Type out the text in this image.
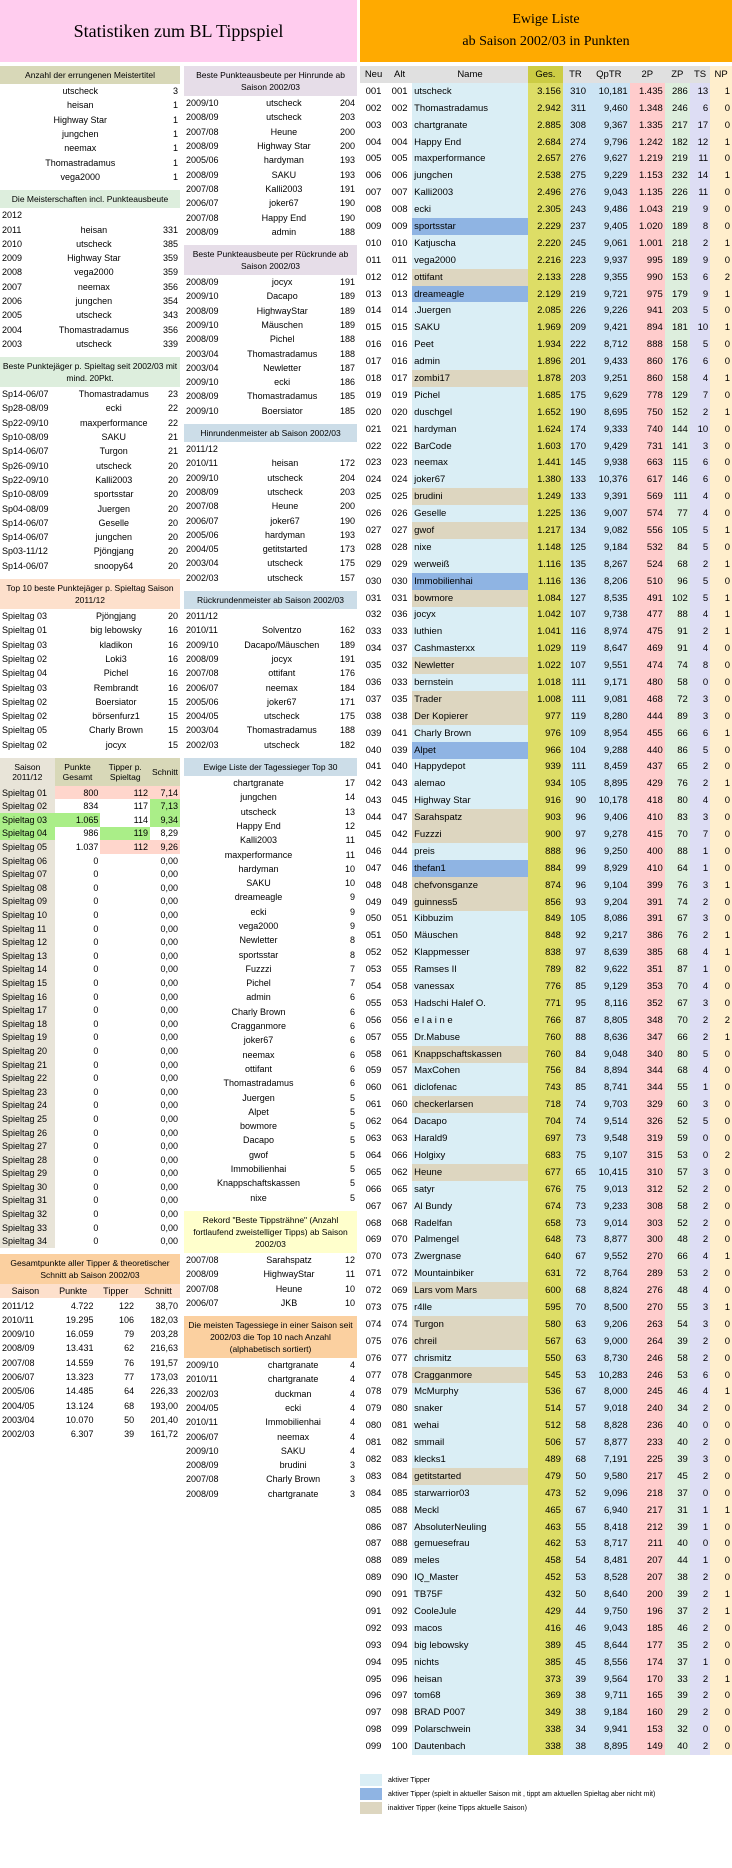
Statistiken zum BL Tippspiel
Ewige Liste
ab Saison 2002/03 in Punkten
Anzahl der errungenen Meistertitel
utscheck	3
heisan	1
Highway Star	1
jungchen	1
neemax	1
Thomastradamus	1
vega2000	1
Die Meisterschaften incl. Punkteausbeute
2012		
2011	heisan	331
2010	utscheck	385
2009	Highway Star	359
2008	vega2000	359
2007	neemax	356
2006	jungchen	354
2005	utscheck	343
2004	Thomastradamus	356
2003	utscheck	339
Beste Punktejäger p. Spieltag seit 2002/03 mit mind. 20Pkt.
Sp14-06/07	Thomastradamus	23
Sp28-08/09	ecki	22
Sp22-09/10	maxperformance	22
Sp10-08/09	SAKU	21
Sp14-06/07	Turgon	21
Sp26-09/10	utscheck	20
Sp22-09/10	Kalli2003	20
Sp10-08/09	sportsstar	20
Sp04-08/09	Juergen	20
Sp14-06/07	Geselle	20
Sp14-06/07	jungchen	20
Sp03-11/12	Pjöngjang	20
Sp14-06/07	snoopy64	20
Top 10 beste Punktejäger p. Spieltag Saison 2011/12
Spieltag 03	Pjöngjang	20
Spieltag 01	big lebowsky	16
Spieltag 03	kladikon	16
Spieltag 02	Loki3	16
Spieltag 04	Pichel	16
Spieltag 03	Rembrandt	16
Spieltag 02	Boersiator	15
Spieltag 02	börsenfurz1	15
Spieltag 05	Charly Brown	15
Spieltag 02	jocyx	15
Saison 2011/12	Punkte Gesamt	Tipper p. Spieltag	Schnitt
Spieltag 01	800	112	7,14
Spieltag 02	834	117	7,13
Spieltag 03	1.065	114	9,34
Spieltag 04	986	119	8,29
Spieltag 05	1.037	112	9,26
Spieltag 06	0		0,00
Spieltag 07	0		0,00
Spieltag 08	0		0,00
Spieltag 09	0		0,00
Spieltag 10	0		0,00
Spieltag 11	0		0,00
Spieltag 12	0		0,00
Spieltag 13	0		0,00
Spieltag 14	0		0,00
Spieltag 15	0		0,00
Spieltag 16	0		0,00
Spieltag 17	0		0,00
Spieltag 18	0		0,00
Spieltag 19	0		0,00
Spieltag 20	0		0,00
Spieltag 21	0		0,00
Spieltag 22	0		0,00
Spieltag 23	0		0,00
Spieltag 24	0		0,00
Spieltag 25	0		0,00
Spieltag 26	0		0,00
Spieltag 27	0		0,00
Spieltag 28	0		0,00
Spieltag 29	0		0,00
Spieltag 30	0		0,00
Spieltag 31	0		0,00
Spieltag 32	0		0,00
Spieltag 33	0		0,00
Spieltag 34	0		0,00
Gesamtpunkte aller Tipper & theoretischer Schnitt ab Saison 2002/03
Saison	Punkte	Tipper	Schnitt
2011/12	4.722	122	38,70
2010/11	19.295	106	182,03
2009/10	16.059	79	203,28
2008/09	13.431	62	216,63
2007/08	14.559	76	191,57
2006/07	13.323	77	173,03
2005/06	14.485	64	226,33
2004/05	13.124	68	193,00
2003/04	10.070	50	201,40
2002/03	6.307	39	161,72
Beste Punkteausbeute per Hinrunde ab Saison 2002/03
2009/10	utscheck	204
2008/09	utscheck	203
2007/08	Heune	200
2008/09	Highway Star	200
2005/06	hardyman	193
2008/09	SAKU	193
2007/08	Kalli2003	191
2006/07	joker67	190
2007/08	Happy End	190
2008/09	admin	188
Beste Punkteausbeute per Rückrunde ab Saison 2002/03
2008/09	jocyx	191
2009/10	Dacapo	189
2008/09	HighwayStar	189
2009/10	Mäuschen	189
2008/09	Pichel	188
2003/04	Thomastradamus	188
2003/04	Newletter	187
2009/10	ecki	186
2008/09	Thomastradamus	185
2009/10	Boersiator	185
Hinrundenmeister ab Saison 2002/03
2011/12		
2010/11	heisan	172
2009/10	utscheck	204
2008/09	utscheck	203
2007/08	Heune	200
2006/07	joker67	190
2005/06	hardyman	193
2004/05	getitstarted	173
2003/04	utscheck	175
2002/03	utscheck	157
Rückrundenmeister ab Saison 2002/03
2011/12		
2010/11	Solventzo	162
2009/10	Dacapo/Mäuschen	189
2008/09	jocyx	191
2007/08	ottifant	176
2006/07	neemax	184
2005/06	joker67	171
2004/05	utscheck	175
2003/04	Thomastradamus	188
2002/03	utscheck	182
Ewige Liste der Tagessieger Top 30
chartgranate	17
jungchen	14
utscheck	13
Happy End	12
Kalli2003	11
maxperformance	11
hardyman	10
SAKU	10
dreameagle	9
ecki	9
vega2000	9
Newletter	8
sportsstar	8
Fuzzzi	7
Pichel	7
admin	6
Charly Brown	6
Cragganmore	6
joker67	6
neemax	6
ottifant	6
Thomastradamus	6
Juergen	5
Alpet	5
bowmore	5
Dacapo	5
gwof	5
Immobilienhai	5
Knappschaftskassen	5
nixe	5
Rekord "Beste Tippsträhne" (Anzahl fortlaufend zweistelliger Tipps) ab Saison 2002/03
2007/08	Sarahspatz	12
2008/09	HighwayStar	11
2007/08	Heune	10
2006/07	JKB	10
Die meisten Tagessiege in einer Saison seit 2002/03 die Top 10 nach Anzahl (alphabetisch sortiert)
2009/10	chartgranate	4
2010/11	chartgranate	4
2002/03	duckman	4
2004/05	ecki	4
2010/11	Immobilienhai	4
2006/07	neemax	4
2009/10	SAKU	4
2008/09	brudini	3
2007/08	Charly Brown	3
2008/09	chartgranate	3
Neu	Alt	Name	Ges.	TR	QpTR	2P	ZP	TS	NP
001	001	utscheck	3.156	310	10,181	1.435	286	13	1
002	002	Thomastradamus	2.942	311	9,460	1.348	246	6	0
003	003	chartgranate	2.885	308	9,367	1.335	217	17	0
004	004	Happy End	2.684	274	9,796	1.242	182	12	1
005	005	maxperformance	2.657	276	9,627	1.219	219	11	0
006	006	jungchen	2.538	275	9,229	1.153	232	14	1
007	007	Kalli2003	2.496	276	9,043	1.135	226	11	0
008	008	ecki	2.305	243	9,486	1.043	219	9	0
009	009	sportsstar	2.229	237	9,405	1.020	189	8	0
010	010	Katjuscha	2.220	245	9,061	1.001	218	2	1
011	011	vega2000	2.216	223	9,937	995	189	9	0
012	012	ottifant	2.133	228	9,355	990	153	6	2
013	013	dreameagle	2.129	219	9,721	975	179	9	1
014	014	.Juergen	2.085	226	9,226	941	203	5	0
015	015	SAKU	1.969	209	9,421	894	181	10	1
016	016	Peet	1.934	222	8,712	888	158	5	0
017	016	admin	1.896	201	9,433	860	176	6	0
018	017	zombi17	1.878	203	9,251	860	158	4	1
019	019	Pichel	1.685	175	9,629	778	129	7	0
020	020	duschgel	1.652	190	8,695	750	152	2	1
021	021	hardyman	1.624	174	9,333	740	144	10	0
022	022	BarCode	1.603	170	9,429	731	141	3	0
023	023	neemax	1.441	145	9,938	663	115	6	0
024	024	joker67	1.380	133	10,376	617	146	6	0
025	025	brudini	1.249	133	9,391	569	111	4	0
026	026	Geselle	1.225	136	9,007	574	77	4	0
027	027	gwof	1.217	134	9,082	556	105	5	1
028	028	nixe	1.148	125	9,184	532	84	5	0
029	029	werweiß	1.116	135	8,267	524	68	2	1
030	030	Immobilienhai	1.116	136	8,206	510	96	5	0
031	031	bowmore	1.084	127	8,535	491	102	5	1
032	036	jocyx	1.042	107	9,738	477	88	4	1
033	033	luthien	1.041	116	8,974	475	91	2	1
034	037	Cashmasterxx	1.029	119	8,647	469	91	4	0
035	032	Newletter	1.022	107	9,551	474	74	8	0
036	033	bernstein	1.018	111	9,171	480	58	0	0
037	035	Trader	1.008	111	9,081	468	72	3	0
038	038	Der Kopierer	977	119	8,280	444	89	3	0
039	041	Charly Brown	976	109	8,954	455	66	6	1
040	039	Alpet	966	104	9,288	440	86	5	0
041	040	Happydepot	939	111	8,459	437	65	2	0
042	043	alemao	934	105	8,895	429	76	2	1
043	045	Highway Star	916	90	10,178	418	80	4	0
044	047	Sarahspatz	903	96	9,406	410	83	3	0
045	042	Fuzzzi	900	97	9,278	415	70	7	0
046	044	preis	888	96	9,250	400	88	1	0
047	046	thefan1	884	99	8,929	410	64	1	0
048	048	chefvonsganze	874	96	9,104	399	76	3	1
049	049	guinness5	856	93	9,204	391	74	2	0
050	051	Kibbuzim	849	105	8,086	391	67	3	0
051	050	Mäuschen	848	92	9,217	386	76	2	1
052	052	Klappmesser	838	97	8,639	385	68	4	1
053	055	Ramses II	789	82	9,622	351	87	1	0
054	058	vanessax	776	85	9,129	353	70	4	0
055	053	Hadschi Halef O.	771	95	8,116	352	67	3	0
056	056	e l a i n e	766	87	8,805	348	70	2	2
057	055	Dr.Mabuse	760	88	8,636	347	66	2	1
058	061	Knappschaftskassen	760	84	9,048	340	80	5	0
059	057	MaxCohen	756	84	8,894	344	68	4	0
060	061	diclofenac	743	85	8,741	344	55	1	0
061	060	checkerlarsen	718	74	9,703	329	60	3	0
062	064	Dacapo	704	74	9,514	326	52	5	0
063	063	Harald9	697	73	9,548	319	59	0	0
064	066	Holgixy	683	75	9,107	315	53	0	2
065	062	Heune	677	65	10,415	310	57	3	0
066	065	satyr	676	75	9,013	312	52	2	0
067	067	Al Bundy	674	73	9,233	308	58	2	0
068	068	Radelfan	658	73	9,014	303	52	2	0
069	070	Palmengel	648	73	8,877	300	48	2	0
070	073	Zwergnase	640	67	9,552	270	66	4	1
071	072	Mountainbiker	631	72	8,764	289	53	2	0
072	069	Lars vom Mars	600	68	8,824	276	48	4	0
073	075	r4lle	595	70	8,500	270	55	3	1
074	074	Turgon	580	63	9,206	263	54	3	0
075	076	chreil	567	63	9,000	264	39	2	0
076	077	chrismitz	550	63	8,730	246	58	2	0
077	078	Cragganmore	545	53	10,283	246	53	6	0
078	079	McMurphy	536	67	8,000	245	46	4	1
079	080	snaker	514	57	9,018	240	34	2	0
080	081	wehai	512	58	8,828	236	40	0	0
081	082	smmail	506	57	8,877	233	40	2	0
082	083	klecks1	489	68	7,191	225	39	3	0
083	084	getitstarted	479	50	9,580	217	45	2	0
084	085	starwarrior03	473	52	9,096	218	37	0	0
085	088	Meckl	465	67	6,940	217	31	1	1
086	087	AbsoluterNeuling	463	55	8,418	212	39	1	0
087	088	gemuesefrau	462	53	8,717	211	40	0	0
088	089	meles	458	54	8,481	207	44	1	0
089	090	IQ_Master	452	53	8,528	207	38	2	0
090	091	TB75F	432	50	8,640	200	39	2	1
091	092	CooleJule	429	44	9,750	196	37	2	1
092	093	macos	416	46	9,043	185	46	2	0
093	094	big lebowsky	389	45	8,644	177	35	2	0
094	095	nichts	385	45	8,556	174	37	1	0
095	096	heisan	373	39	9,564	170	33	2	1
096	097	tom68	369	38	9,711	165	39	2	0
097	098	BRAD P007	349	38	9,184	160	29	2	0
098	099	Polarschwein	338	34	9,941	153	32	0	0
099	100	Dautenbach	338	38	8,895	149	40	2	0
aktiver Tipper
aktiver Tipper (spielt in aktueller Saison mit , tippt am aktuellen Spieltag aber nicht mit)
inaktiver Tipper (keine Tipps aktuelle Saison)
